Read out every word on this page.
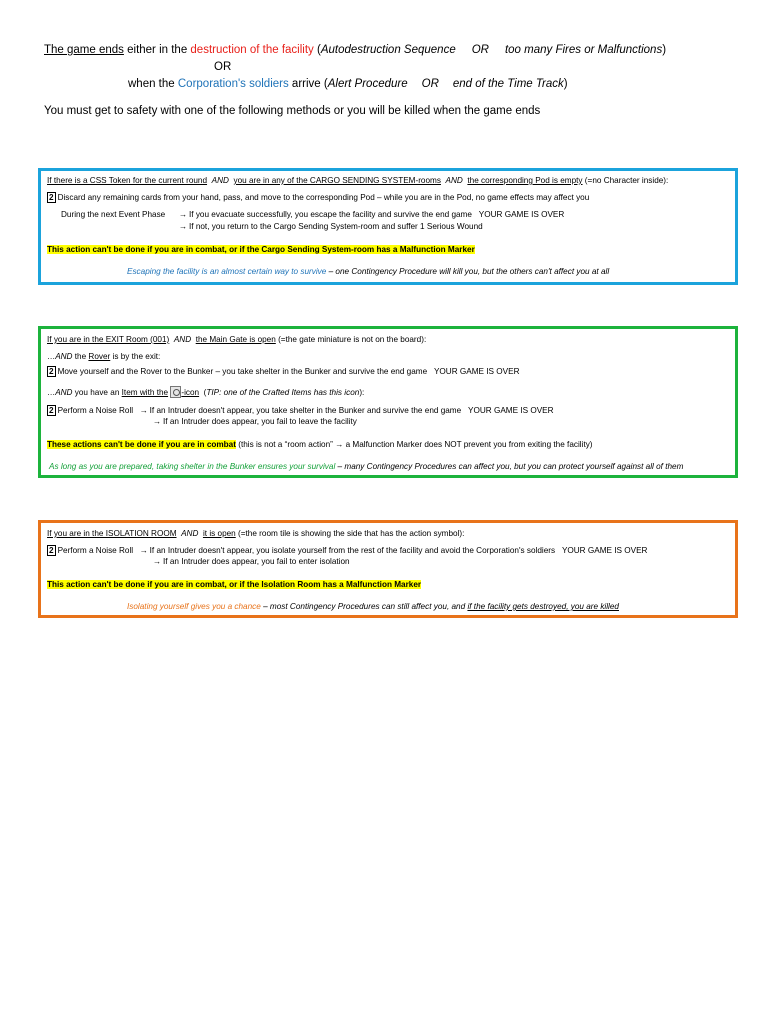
The game ends either in the destruction of the facility (Autodestruction Sequence OR too many Fires or Malfunctions)
OR
when the Corporation's soldiers arrive (Alert Procedure OR end of the Time Track)
You must get to safety with one of the following methods or you will be killed when the game ends
If there is a CSS Token for the current round AND you are in any of the CARGO SENDING SYSTEM-rooms AND the corresponding Pod is empty (=no Character inside):
2 Discard any remaining cards from your hand, pass, and move to the corresponding Pod – while you are in the Pod, no game effects may affect you
During the next Event Phase → If you evacuate successfully, you escape the facility and survive the end game YOUR GAME IS OVER
→ If not, you return to the Cargo Sending System-room and suffer 1 Serious Wound
This action can't be done if you are in combat, or if the Cargo Sending System-room has a Malfunction Marker
Escaping the facility is an almost certain way to survive – one Contingency Procedure will kill you, but the others can't affect you at all
If you are in the EXIT Room (001) AND the Main Gate is open (=the gate miniature is not on the board):
…AND the Rover is by the exit:
2 Move yourself and the Rover to the Bunker – you take shelter in the Bunker and survive the end game YOUR GAME IS OVER
…AND you have an Item with the -icon  (TIP: one of the Crafted Items has this icon):
2 Perform a Noise Roll → If an Intruder doesn't appear, you take shelter in the Bunker and survive the end game YOUR GAME IS OVER
→ If an Intruder does appear, you fail to leave the facility
These actions can't be done if you are in combat (this is not a “room action” → a Malfunction Marker does NOT prevent you from exiting the facility)
As long as you are prepared, taking shelter in the Bunker ensures your survival – many Contingency Procedures can affect you, but you can protect yourself against all of them
If you are in the ISOLATION ROOM AND it is open (=the room tile is showing the side that has the action symbol):
2 Perform a Noise Roll → If an Intruder doesn't appear, you isolate yourself from the rest of the facility and avoid the Corporation's soldiers YOUR GAME IS OVER
→ If an Intruder does appear, you fail to enter isolation
This action can't be done if you are in combat, or if the Isolation Room has a Malfunction Marker
Isolating yourself gives you a chance – most Contingency Procedures can still affect you, and if the facility gets destroyed, you are killed
